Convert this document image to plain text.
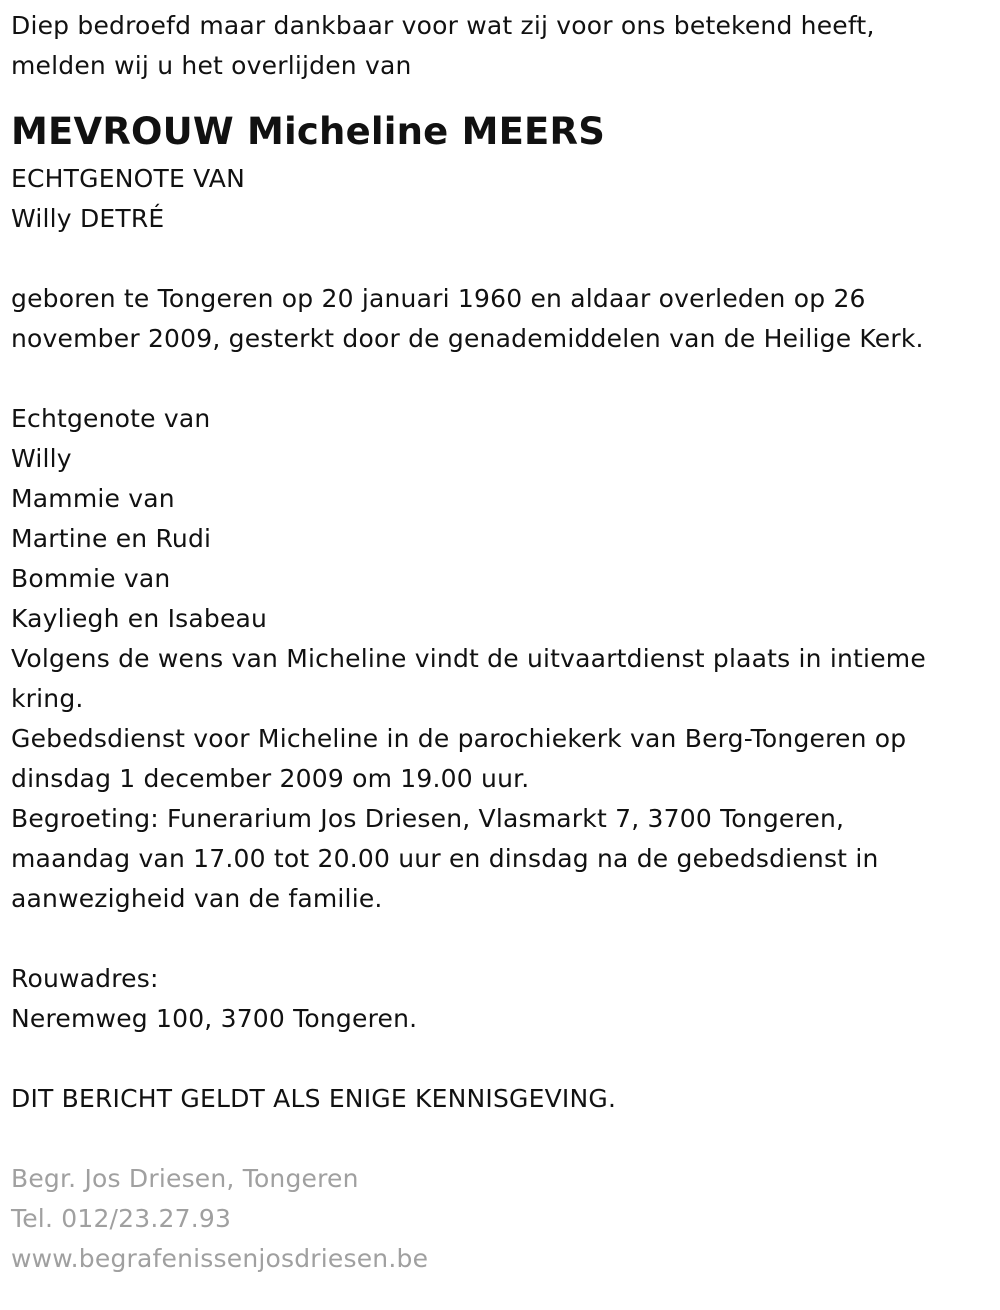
Diep bedroefd maar dankbaar voor wat zij voor ons betekend heeft,
melden wij u het overlijden van
MEVROUW Micheline MEERS
ECHTGENOTE VAN
Willy DETRÉ
geboren te Tongeren op 20 januari 1960 en aldaar overleden op 26
november 2009, gesterkt door de genademiddelen van de Heilige Kerk.
Echtgenote van
Willy
Mammie van
Martine en Rudi
Bommie van
Kayliegh en Isabeau
Volgens de wens van Micheline vindt de uitvaartdienst plaats in intieme
kring.
Gebedsdienst voor Micheline in de parochiekerk van Berg-Tongeren op
dinsdag 1 december 2009 om 19.00 uur.
Begroeting: Funerarium Jos Driesen, Vlasmarkt 7, 3700 Tongeren,
maandag van 17.00 tot 20.00 uur en dinsdag na de gebedsdienst in
aanwezigheid van de familie.
Rouwadres:
Neremweg 100, 3700 Tongeren.
DIT BERICHT GELDT ALS ENIGE KENNISGEVING.
Begr. Jos Driesen, Tongeren
Tel. 012/23.27.93
www.begrafenissenjosdriesen.be
